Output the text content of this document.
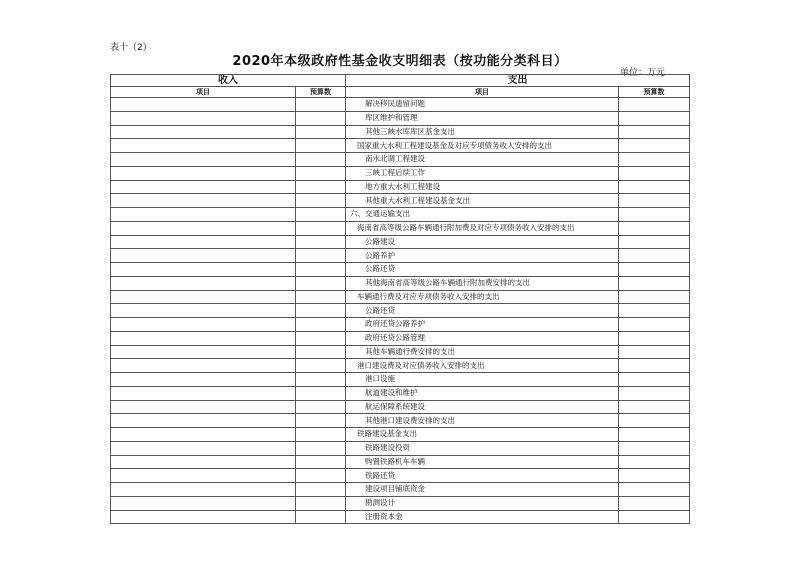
表十（2）
2020年本级政府性基金收支明细表（按功能分类科目）
单位：万元
收入		支出	
项目	预算数	项目	预算数
		解决移民遗留问题	
		库区维护和管理	
		其他三峡水库库区基金支出	
		国家重大水利工程建设基金及对应专项债务收入安排的支出	
		南水北调工程建设	
		三峡工程后续工作	
		地方重大水利工程建设	
		其他重大水利工程建设基金支出	
		六、交通运输支出	
		海南省高等级公路车辆通行附加费及对应专项债务收入安排的支出	
		公路建设	
		公路养护	
		公路还贷	
		其他海南省高等级公路车辆通行附加费安排的支出	
		车辆通行费及对应专项债务收入安排的支出	
		公路还贷	
		政府还贷公路养护	
		政府还贷公路管理	
		其他车辆通行费安排的支出	
		港口建设费及对应债务收入安排的支出	
		港口设施	
		航道建设和维护	
		航运保障系统建设	
		其他港口建设费安排的支出	
		铁路建设基金支出	
		铁路建设投资	
		购置铁路机车车辆	
		铁路还贷	
		建设项目铺底资金	
		勘测设计	
		注册资本金	
